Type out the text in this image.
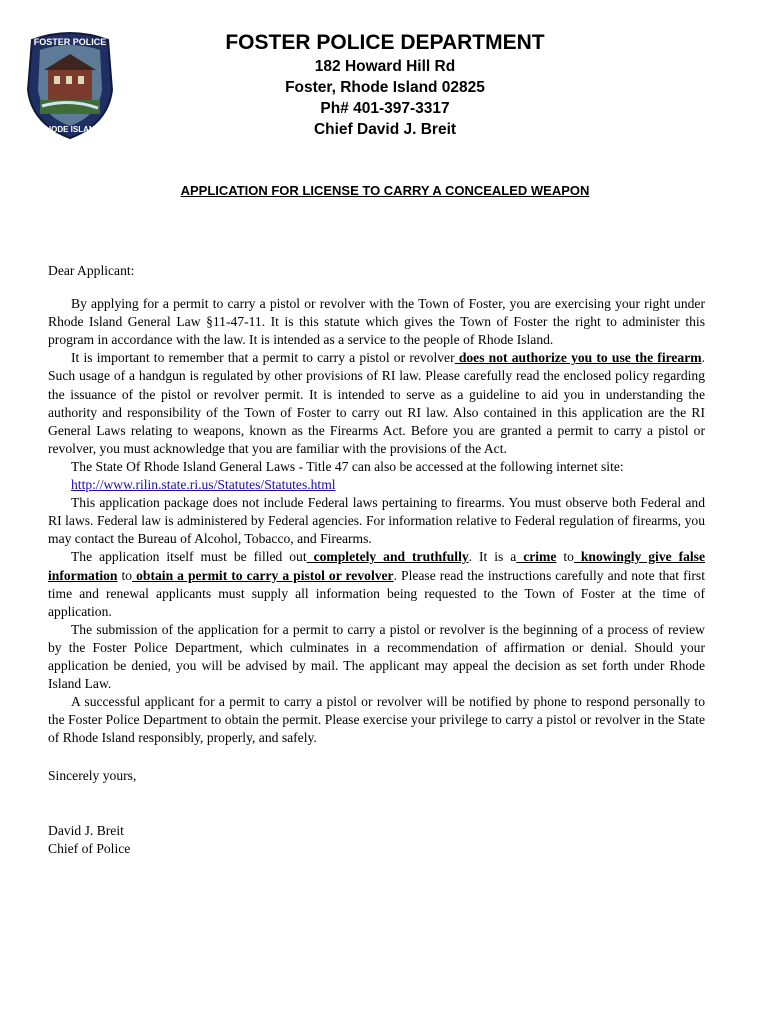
FOSTER POLICE
RHODE ISLAND
FOSTER POLICE DEPARTMENT
182 Howard Hill Rd
Foster, Rhode Island 02825
Ph# 401-397-3317
Chief David J. Breit
APPLICATION FOR LICENSE TO CARRY A CONCEALED WEAPON
Dear Applicant:

By applying for a permit to carry a pistol or revolver with the Town of Foster, you are exercising your right under Rhode Island General Law §11-47-11. It is this statute which gives the Town of Foster the right to administer this program in accordance with the law. It is intended as a service to the people of Rhode Island.

It is important to remember that a permit to carry a pistol or revolver does not authorize you to use the firearm. Such usage of a handgun is regulated by other provisions of RI law. Please carefully read the enclosed policy regarding the issuance of the pistol or revolver permit. It is intended to serve as a guideline to aid you in understanding the authority and responsibility of the Town of Foster to carry out RI law. Also contained in this application are the RI General Laws relating to weapons, known as the Firearms Act. Before you are granted a permit to carry a pistol or revolver, you must acknowledge that you are familiar with the provisions of the Act.

The State Of Rhode Island General Laws - Title 47 can also be accessed at the following internet site:
http://www.rilin.state.ri.us/Statutes/Statutes.html

This application package does not include Federal laws pertaining to firearms. You must observe both Federal and RI laws. Federal law is administered by Federal agencies. For information relative to Federal regulation of firearms, you may contact the Bureau of Alcohol, Tobacco, and Firearms.

The application itself must be filled out completely and truthfully. It is a crime to knowingly give false information to obtain a permit to carry a pistol or revolver. Please read the instructions carefully and note that first time and renewal applicants must supply all information being requested to the Town of Foster at the time of application.

The submission of the application for a permit to carry a pistol or revolver is the beginning of a process of review by the Foster Police Department, which culminates in a recommendation of affirmation or denial. Should your application be denied, you will be advised by mail. The applicant may appeal the decision as set forth under Rhode Island Law.

A successful applicant for a permit to carry a pistol or revolver will be notified by phone to respond personally to the Foster Police Department to obtain the permit. Please exercise your privilege to carry a pistol or revolver in the State of Rhode Island responsibly, properly, and safely.

Sincerely yours,
David J. Breit
Chief of Police
